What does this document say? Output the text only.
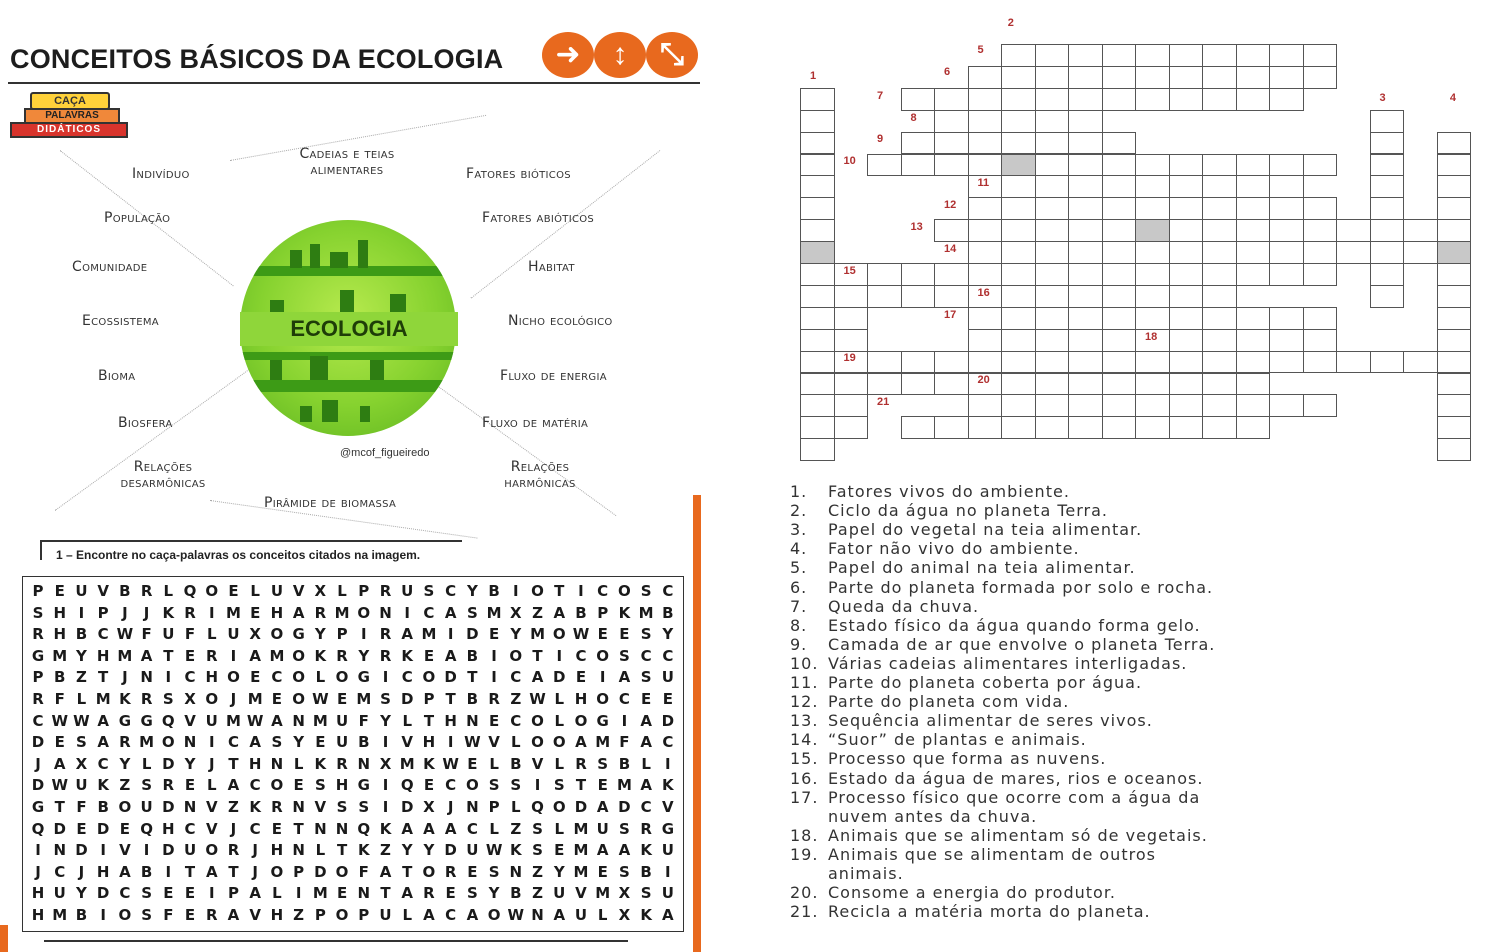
CONCEITOS BÁSICOS DA ECOLOGIA	➜	↕	⤡
CAÇA
PALAVRAS
DIDÁTICOS
Indivíduo
Cadeias e teias alimentares	Fatores bióticos
População	Fatores abióticos
Comunidade	Habitat
Ecossistema	Nicho ecológico
Bioma	Fluxo de energia
Biosfera	Fluxo de matéria
Relações desarmônicas
Pirâmide de biomassa
Relações harmônicas
ECOLOGIA
@mcof_figueiredo
1 – Encontre no caça-palavras os conceitos citados na imagem.
P E U V B R L Q O E L U V X L P R U S C Y B I O T I C O S C
S H I P J	J K R I M E H A R M O N I C A S M X Z A B P K M B
R H B C W F U F L U X O G Y P I R A M I D E Y M O W E E S Y
G M Y H M A T E R I A M O K R Y R K E A B I O T I C O S C C
P B Z T J N I C H O E C O L O G I C O D T I C A D E I A S U
R F L M K R S X O J M E O W E M S D P T B R Z W L H O C E E
C W W A G G Q V U M W A N M U F Y L T H N E C O L O G I A D
D E S A R M O N I C A S Y E U B I V H I W V L O O A M F A C
J A X C Y L D Y J T H N L K R N X M K W E L B V L R S B L I
D W U K Z S R E L A C O E S H G I Q E C O S S I S T E M A K
G T F B O U D N V Z K R N V S S I D X J N P L Q O D A D C V
Q D E D E Q H C V J C E T N N Q K A A A C L Z S L M U S R G
I N D I V I D U O R J H N L T K Z Y Y D U W K S E M A A K U
J C J H A B I T A T J O P D O F A T O R E S N Z Y M E S B I
H U Y D C S E E I P A L I M E N T A R E S Y B Z U V M X S U
H M B I O S F E R A V H Z P O P U L A C A O W N A U L X K A
2
1
3	4
5
6
7
8
9
10
11
12
13
14
15
16
17
18
19
20
21
1. Fatores vivos do ambiente.
2. Ciclo da água no planeta Terra.
3. Papel do vegetal na teia alimentar.
4. Fator não vivo do ambiente.
5. Papel do animal na teia alimentar.
6. Parte do planeta formada por solo e rocha.
7. Queda da chuva.
8. Estado físico da água quando forma gelo.
9. Camada de ar que envolve o planeta Terra.
10. Várias cadeias alimentares interligadas.
11. Parte do planeta coberta por água.
12. Parte do planeta com vida.
13. Sequência alimentar de seres vivos.
14. “Suor” de plantas e animais.
15. Processo que forma as nuvens.
16. Estado da água de mares, rios e oceanos.
17. Processo físico que ocorre com a água da
nuvem antes da chuva.
18. Animais que se alimentam só de vegetais.
19. Animais que se alimentam de outros
animais.
20. Consome a energia do produtor.
21. Recicla a matéria morta do planeta.
